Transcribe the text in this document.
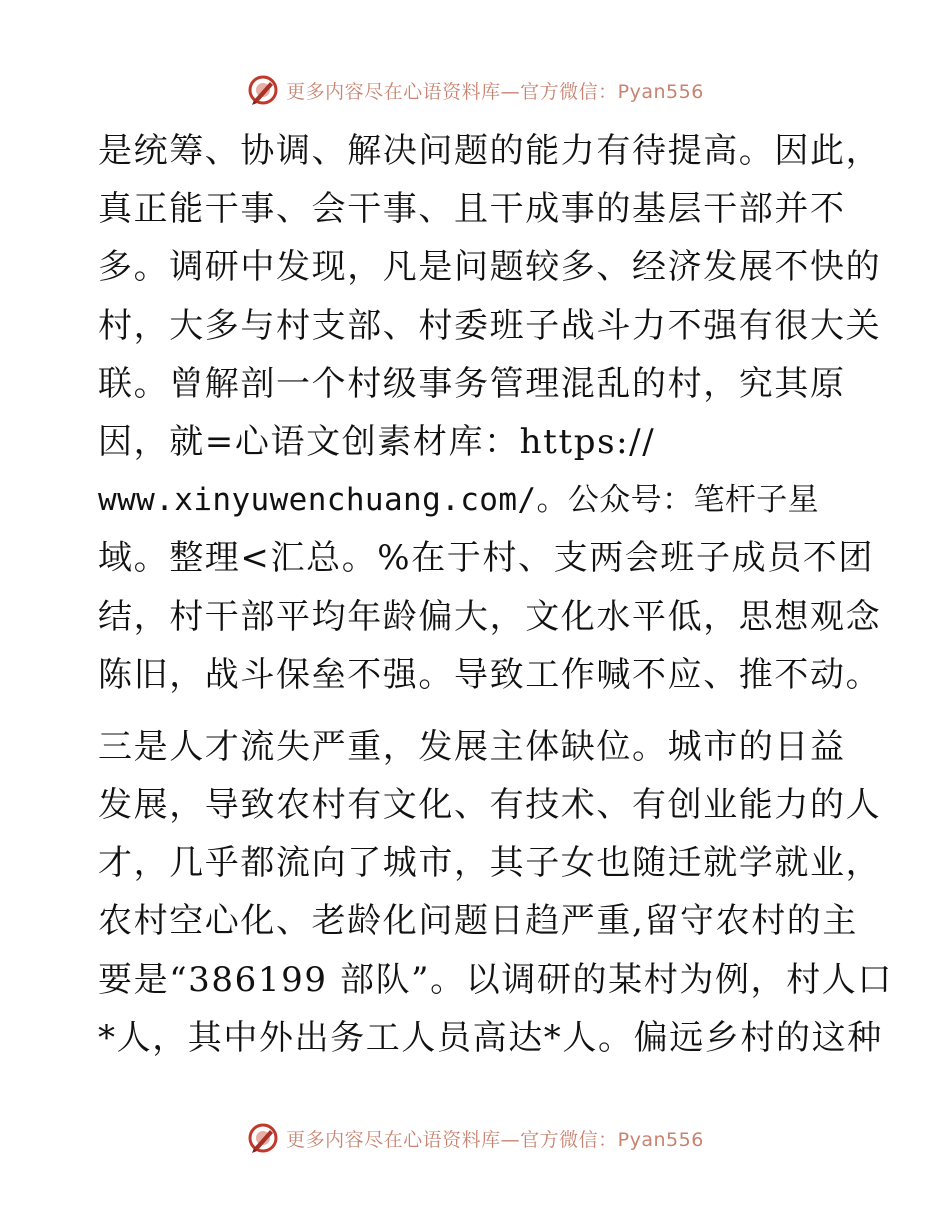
更多内容尽在心语资料库—官方微信：Pyan556
是统筹、协调、解决问题的能力有待提高。因此，
真正能干事、会干事、且干成事的基层干部并不
多。调研中发现，凡是问题较多、经济发展不快的
村，大多与村支部、村委班子战斗力不强有很大关
联。曾解剖一个村级事务管理混乱的村，究其原
因，就=心语文创素材库：https://
www.xinyuwenchuang.com/。公众号：笔杆子星
域。整理<汇总。%在于村、支两会班子成员不团
结，村干部平均年龄偏大，文化水平低，思想观念
陈旧，战斗保垒不强。导致工作喊不应、推不动。
三是人才流失严重，发展主体缺位。城市的日益
发展，导致农村有文化、有技术、有创业能力的人
才，几乎都流向了城市，其子女也随迁就学就业，
农村空心化、老龄化问题日趋严重,留守农村的主
要是“386199 部队”。以调研的某村为例，村人口
*人，其中外出务工人员高达*人。偏远乡村的这种
更多内容尽在心语资料库—官方微信：Pyan556
